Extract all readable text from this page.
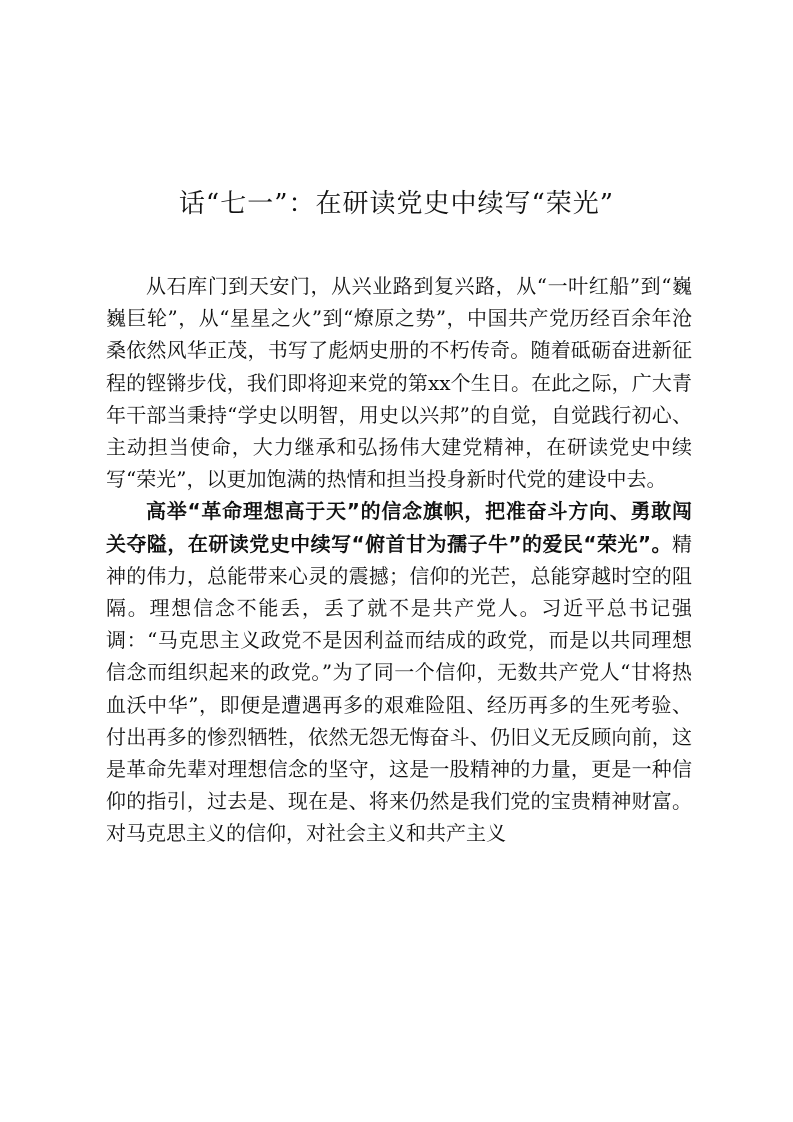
话“七一”：在研读党史中续写“荣光”

从石库门到天安门，从兴业路到复兴路，从“一叶红船”到“巍巍巨轮”，从“星星之火”到“燎原之势”，中国共产党历经百余年沧桑依然风华正茂，书写了彪炳史册的不朽传奇。随着砥砺奋进新征程的铿锵步伐，我们即将迎来党的第xx个生日。在此之际，广大青年干部当秉持“学史以明智，用史以兴邦”的自觉，自觉践行初心、主动担当使命，大力继承和弘扬伟大建党精神，在研读党史中续写“荣光”，以更加饱满的热情和担当投身新时代党的建设中去。

高举“革命理想高于天”的信念旗帜，把准奋斗方向、勇敢闯关夺隘，在研读党史中续写“俯首甘为孺子牛”的爱民“荣光”。精神的伟力，总能带来心灵的震撼；信仰的光芒，总能穿越时空的阻隔。理想信念不能丢，丢了就不是共产党人。习近平总书记强调：“马克思主义政党不是因利益而结成的政党，而是以共同理想信念而组织起来的政党。”为了同一个信仰，无数共产党人“甘将热血沃中华”，即便是遭遇再多的艰难险阻、经历再多的生死考验、付出再多的惨烈牺牲，依然无怨无悔奋斗、仍旧义无反顾向前，这是革命先辈对理想信念的坚守，这是一股精神的力量，更是一种信仰的指引，过去是、现在是、将来仍然是我们党的宝贵精神财富。对马克思主义的信仰，对社会主义和共产主义
